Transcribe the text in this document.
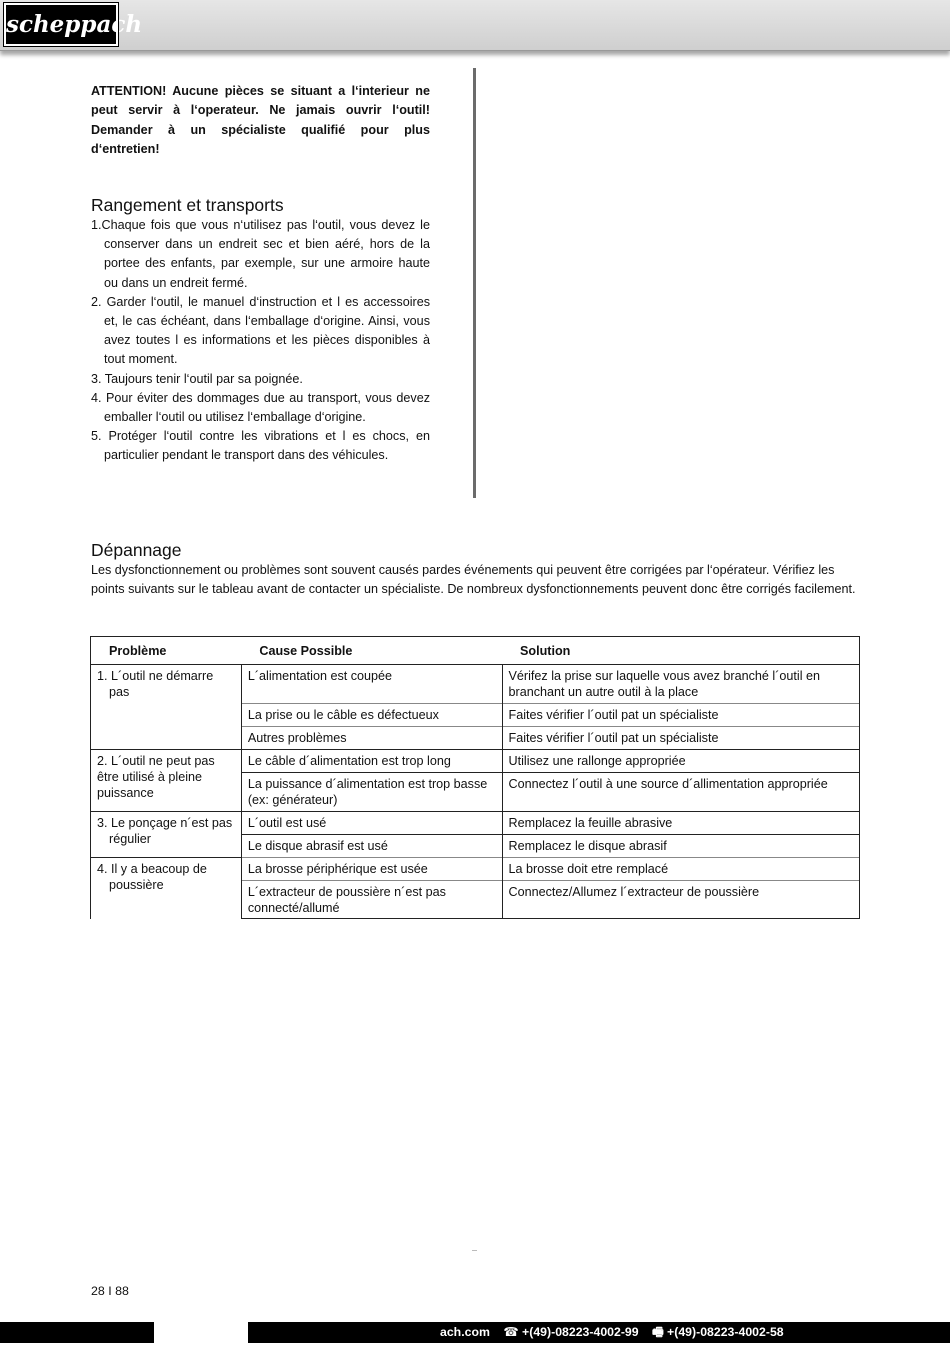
scheppach

ATTENTION! Aucune pièces se situant a l‘interieur ne peut servir à l‘operateur. Ne jamais ouvrir l‘outil! Demander à un spécialiste qualifié pour plus d‘entretien!

Rangement et transports
1.Chaque fois que vous n‘utilisez pas l‘outil, vous devez le conserver dans un endreit sec et bien aéré, hors de la portee des enfants, par exemple, sur une armoire haute ou dans un endreit fermé.
2. Garder l‘outil, le manuel d‘instruction et l es accessoires et, le cas échéant, dans l‘emballage d‘origine. Ainsi, vous avez toutes l es informations et les pièces disponibles à tout moment.
3. Taujours tenir l‘outil par sa poignée.
4. Pour éviter des dommages due au transport, vous devez emballer l‘outil ou utilisez l‘emballage d‘origine.
5. Protéger l‘outil contre les vibrations et l es chocs, en particulier pendant le transport dans des véhicules.
Dépannage

Les dysfonctionnement ou problèmes sont souvent causés pardes événements qui peuvent être corrigées par l‘opérateur. Vérifiez les points suivants sur le tableau avant de contacter un spécialiste. De nombreux dysfonctionnements peuvent donc être corrigés facilement.

Problème	Cause Possible	Solution
1. L´outil ne démarre pas	L´alimentation est coupée	Vérifez la prise sur laquelle vous avez branché l´outil en branchant un autre outil à la place
	La prise ou le câble es défectueux	Faites vérifier l´outil pat un spécialiste
	Autres problèmes	Faites vérifier l´outil pat un spécialiste
2. L´outil ne peut pas être utilisé à pleine puissance	Le câble d´alimentation est trop long	Utilisez une rallonge appropriée
	La puissance d´alimentation est trop basse (ex: générateur)	Connectez l´outil à une source d´allimentation appropriée
3. Le ponçage n´est pas régulier	L´outil est usé	Remplacez la feuille abrasive
	Le disque abrasif est usé	Remplacez le disque abrasif
4. Il y a beacoup de poussière	La brosse périphérique est usée	La brosse doit etre remplacé
	L´extracteur de poussière n´est pas connecté/allumé	Connectez/Allumez l´extracteur de poussière
28 I 88
ach.com ☎ +(49)-08223-4002-99 🖷 +(49)-08223-4002-58
